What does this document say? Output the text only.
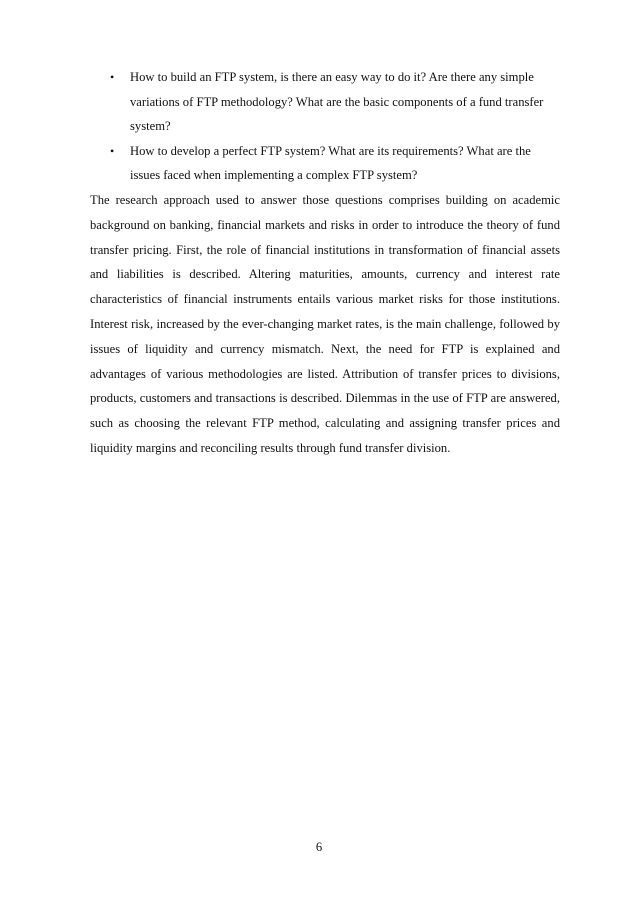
• How to build an FTP system, is there an easy way to do it? Are there any simple variations of FTP methodology? What are the basic components of a fund transfer system?
• How to develop a perfect FTP system? What are its requirements? What are the issues faced when implementing a complex FTP system?

The research approach used to answer those questions comprises building on academic background on banking, financial markets and risks in order to introduce the theory of fund transfer pricing. First, the role of financial institutions in transformation of financial assets and liabilities is described. Altering maturities, amounts, currency and interest rate characteristics of financial instruments entails various market risks for those institutions. Interest risk, increased by the ever-changing market rates, is the main challenge, followed by issues of liquidity and currency mismatch. Next, the need for FTP is explained and advantages of various methodologies are listed. Attribution of transfer prices to divisions, products, customers and transactions is described. Dilemmas in the use of FTP are answered, such as choosing the relevant FTP method, calculating and assigning transfer prices and liquidity margins and reconciling results through fund transfer division.

6
